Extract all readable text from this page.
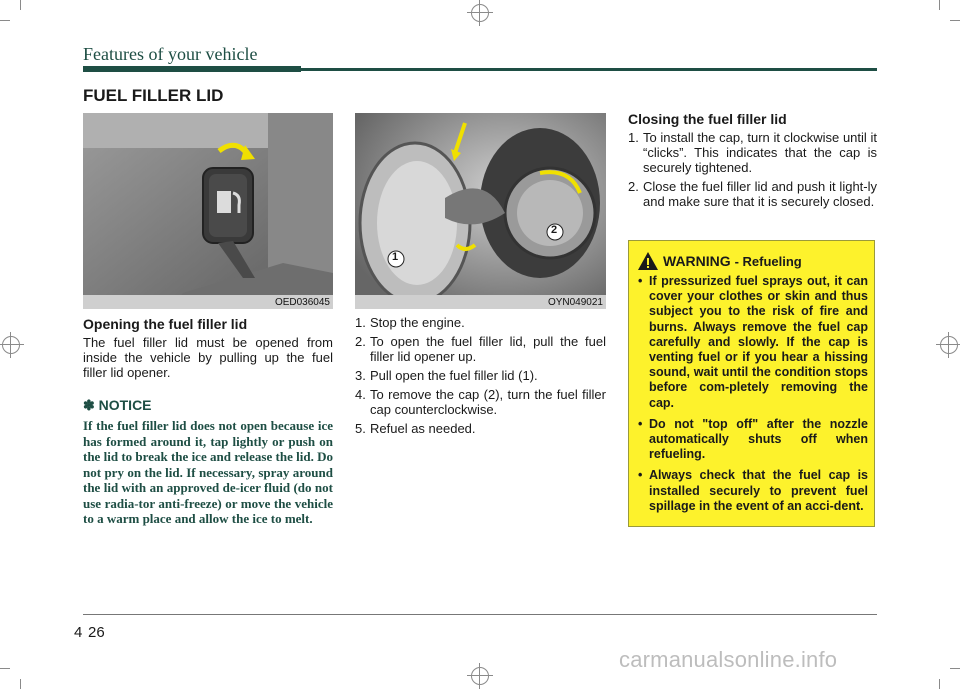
Features of your vehicle
FUEL FILLER LID
OED036045
1
2
OYN049021
Opening the fuel filler lid
The fuel filler lid must be opened from inside the vehicle by pulling up the fuel filler lid opener.
✽ NOTICE
If the fuel filler lid does not open because ice has formed around it, tap lightly or push on the lid to break the ice and release the lid. Do not pry on the lid. If necessary, spray around the lid with an approved de-icer fluid (do not use radia-tor anti-freeze) or move the vehicle to a warm place and allow the ice to melt.
1. Stop the engine.
2. To open the fuel filler lid, pull the fuel filler lid opener up.
3. Pull open the fuel filler lid (1).
4. To remove the cap (2), turn the fuel filler cap counterclockwise.
5. Refuel as needed.
Closing the fuel filler lid
1. To install the cap, turn it clockwise until it “clicks”. This indicates that the cap is securely tightened.
2. Close the fuel filler lid and push it light-ly and make sure that it is securely closed.
WARNING - Refueling
• If pressurized fuel sprays out, it can cover your clothes or skin and thus subject you to the risk of fire and burns. Always remove the fuel cap carefully and slowly. If the cap is venting fuel or if you hear a hissing sound, wait until the condition stops before com-pletely removing the cap.
• Do not "top off" after the nozzle automatically shuts off when refueling.
• Always check that the fuel cap is installed securely to prevent fuel spillage in the event of an acci-dent.
4 26
carmanualsonline.info
